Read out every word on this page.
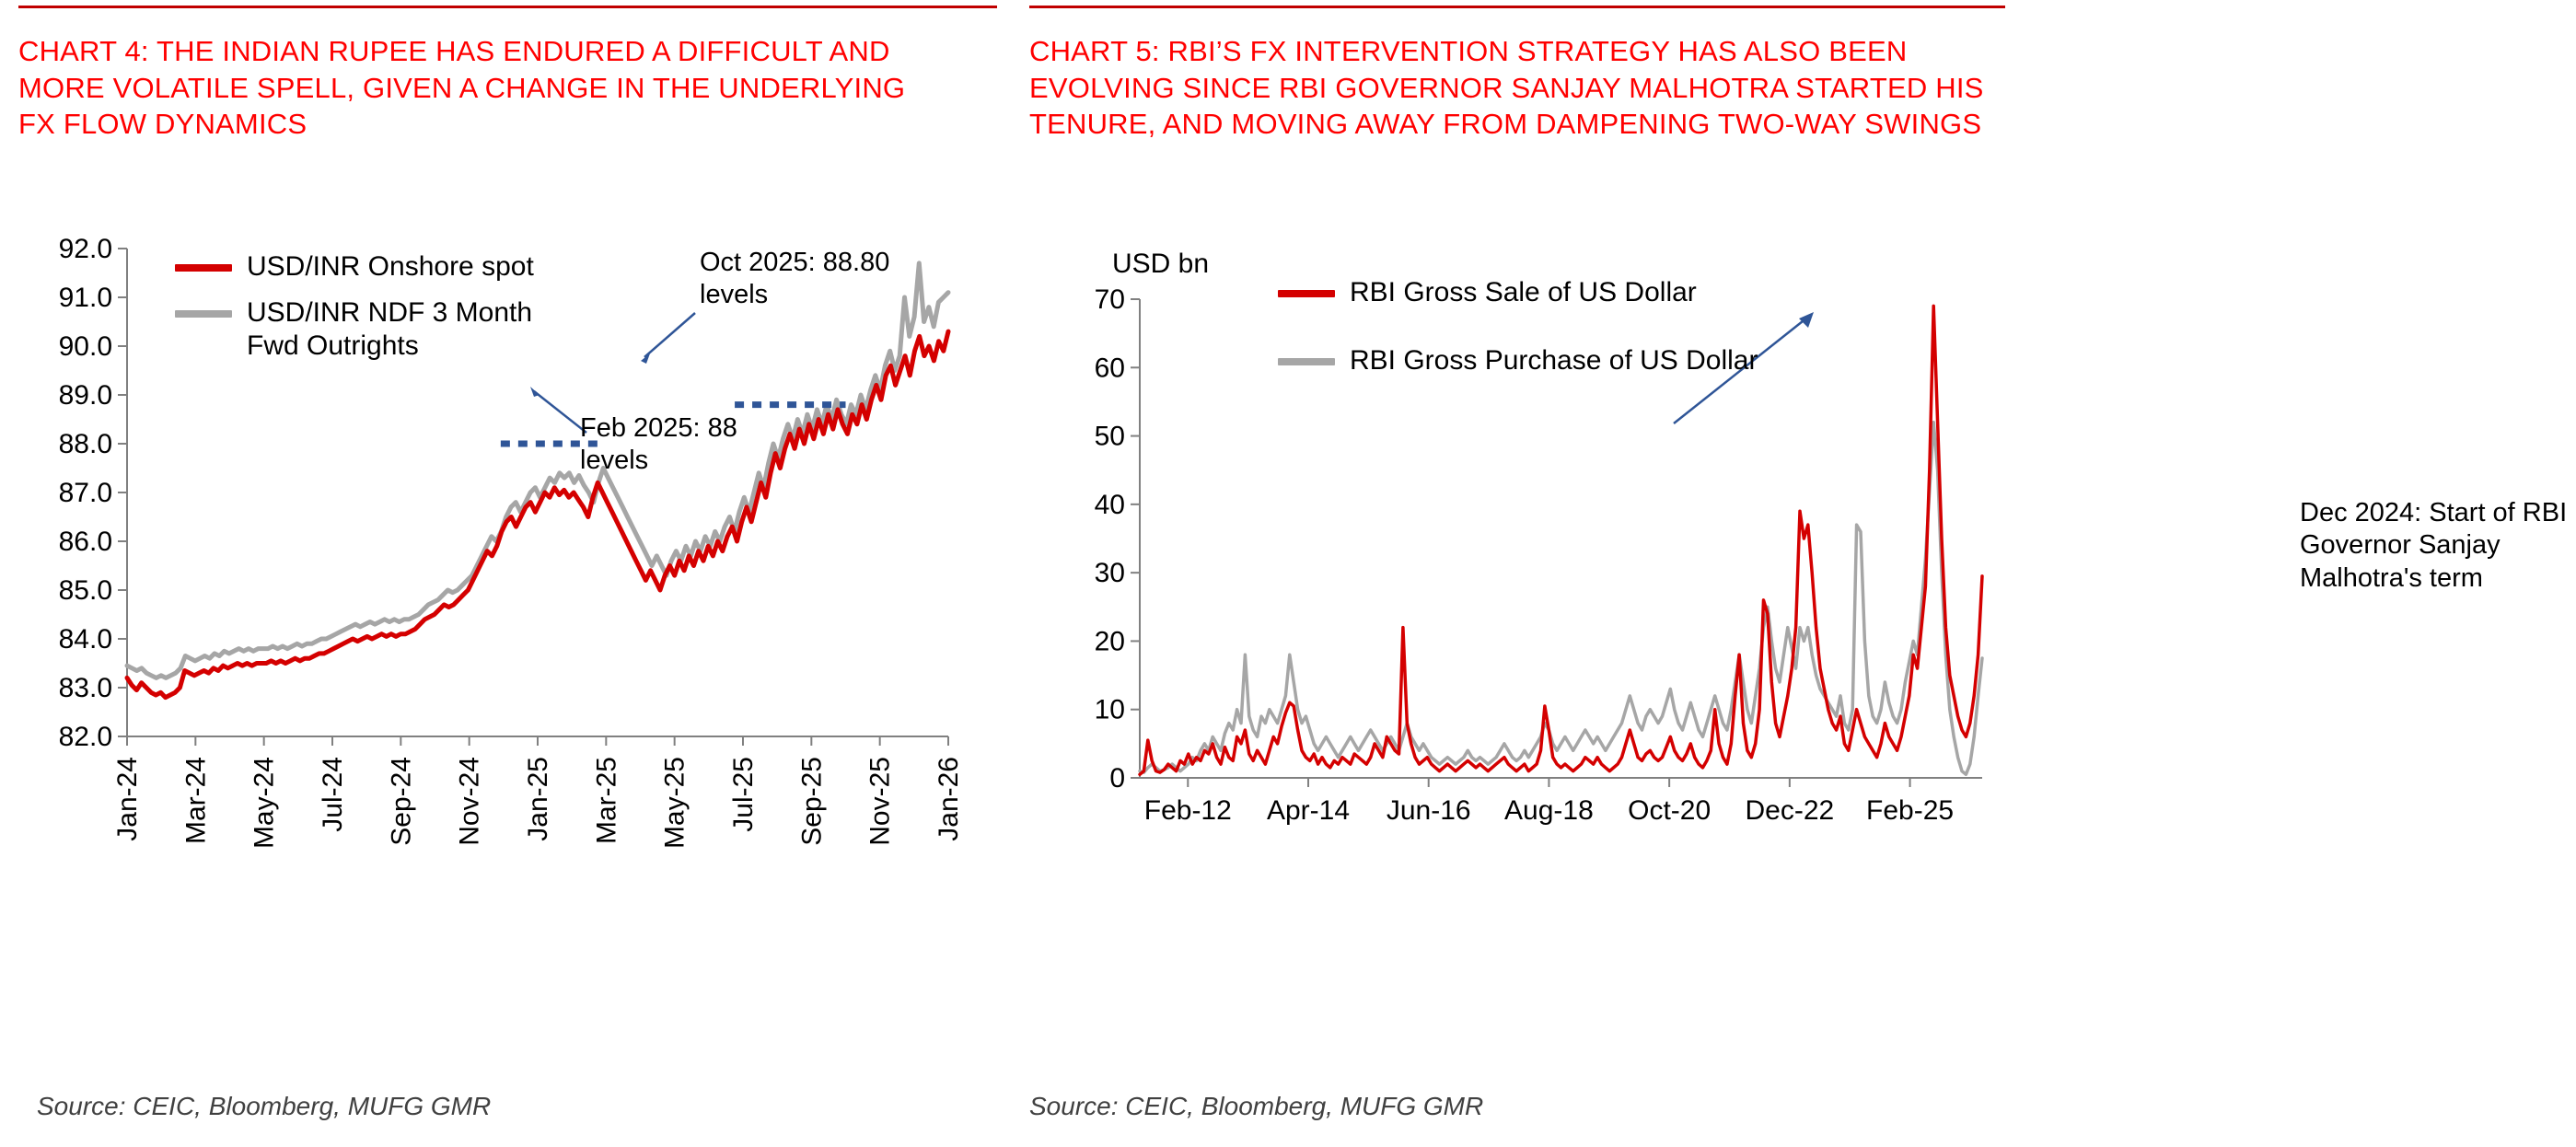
CHART 4: THE INDIAN RUPEE HAS ENDURED A DIFFICULT AND MORE VOLATILE SPELL, GIVEN A CHANGE IN THE UNDERLYING FX FLOW DYNAMICS
82.0
83.0
84.0
85.0
86.0
87.0
88.0
89.0
90.0
91.0
92.0
Jan-24 Mar-24 May-24 Jul-24 Sep-24 Nov-24 Jan-25 Mar-25 May-25 Jul-25 Sep-25 Nov-25 Jan-26
USD/INR Onshore spot
USD/INR NDF 3 Month Fwd Outrights
Feb 2025: 88 levels
Oct 2025: 88.80 levels
Source: CEIC, Bloomberg, MUFG GMR
CHART 5: RBI’S FX INTERVENTION STRATEGY HAS ALSO BEEN EVOLVING SINCE RBI GOVERNOR SANJAY MALHOTRA STARTED HIS TENURE, AND MOVING AWAY FROM DAMPENING TWO-WAY SWINGS
0
10
20
30
40
50
60
70
Feb-12 Apr-14 Jun-16 Aug-18 Oct-20 Dec-22 Feb-25
USD bn
RBI Gross Sale of US Dollar
RBI Gross Purchase of US Dollar
Dec 2024: Start of RBI Governor Sanjay Malhotra's term
Source: CEIC, Bloomberg, MUFG GMR
